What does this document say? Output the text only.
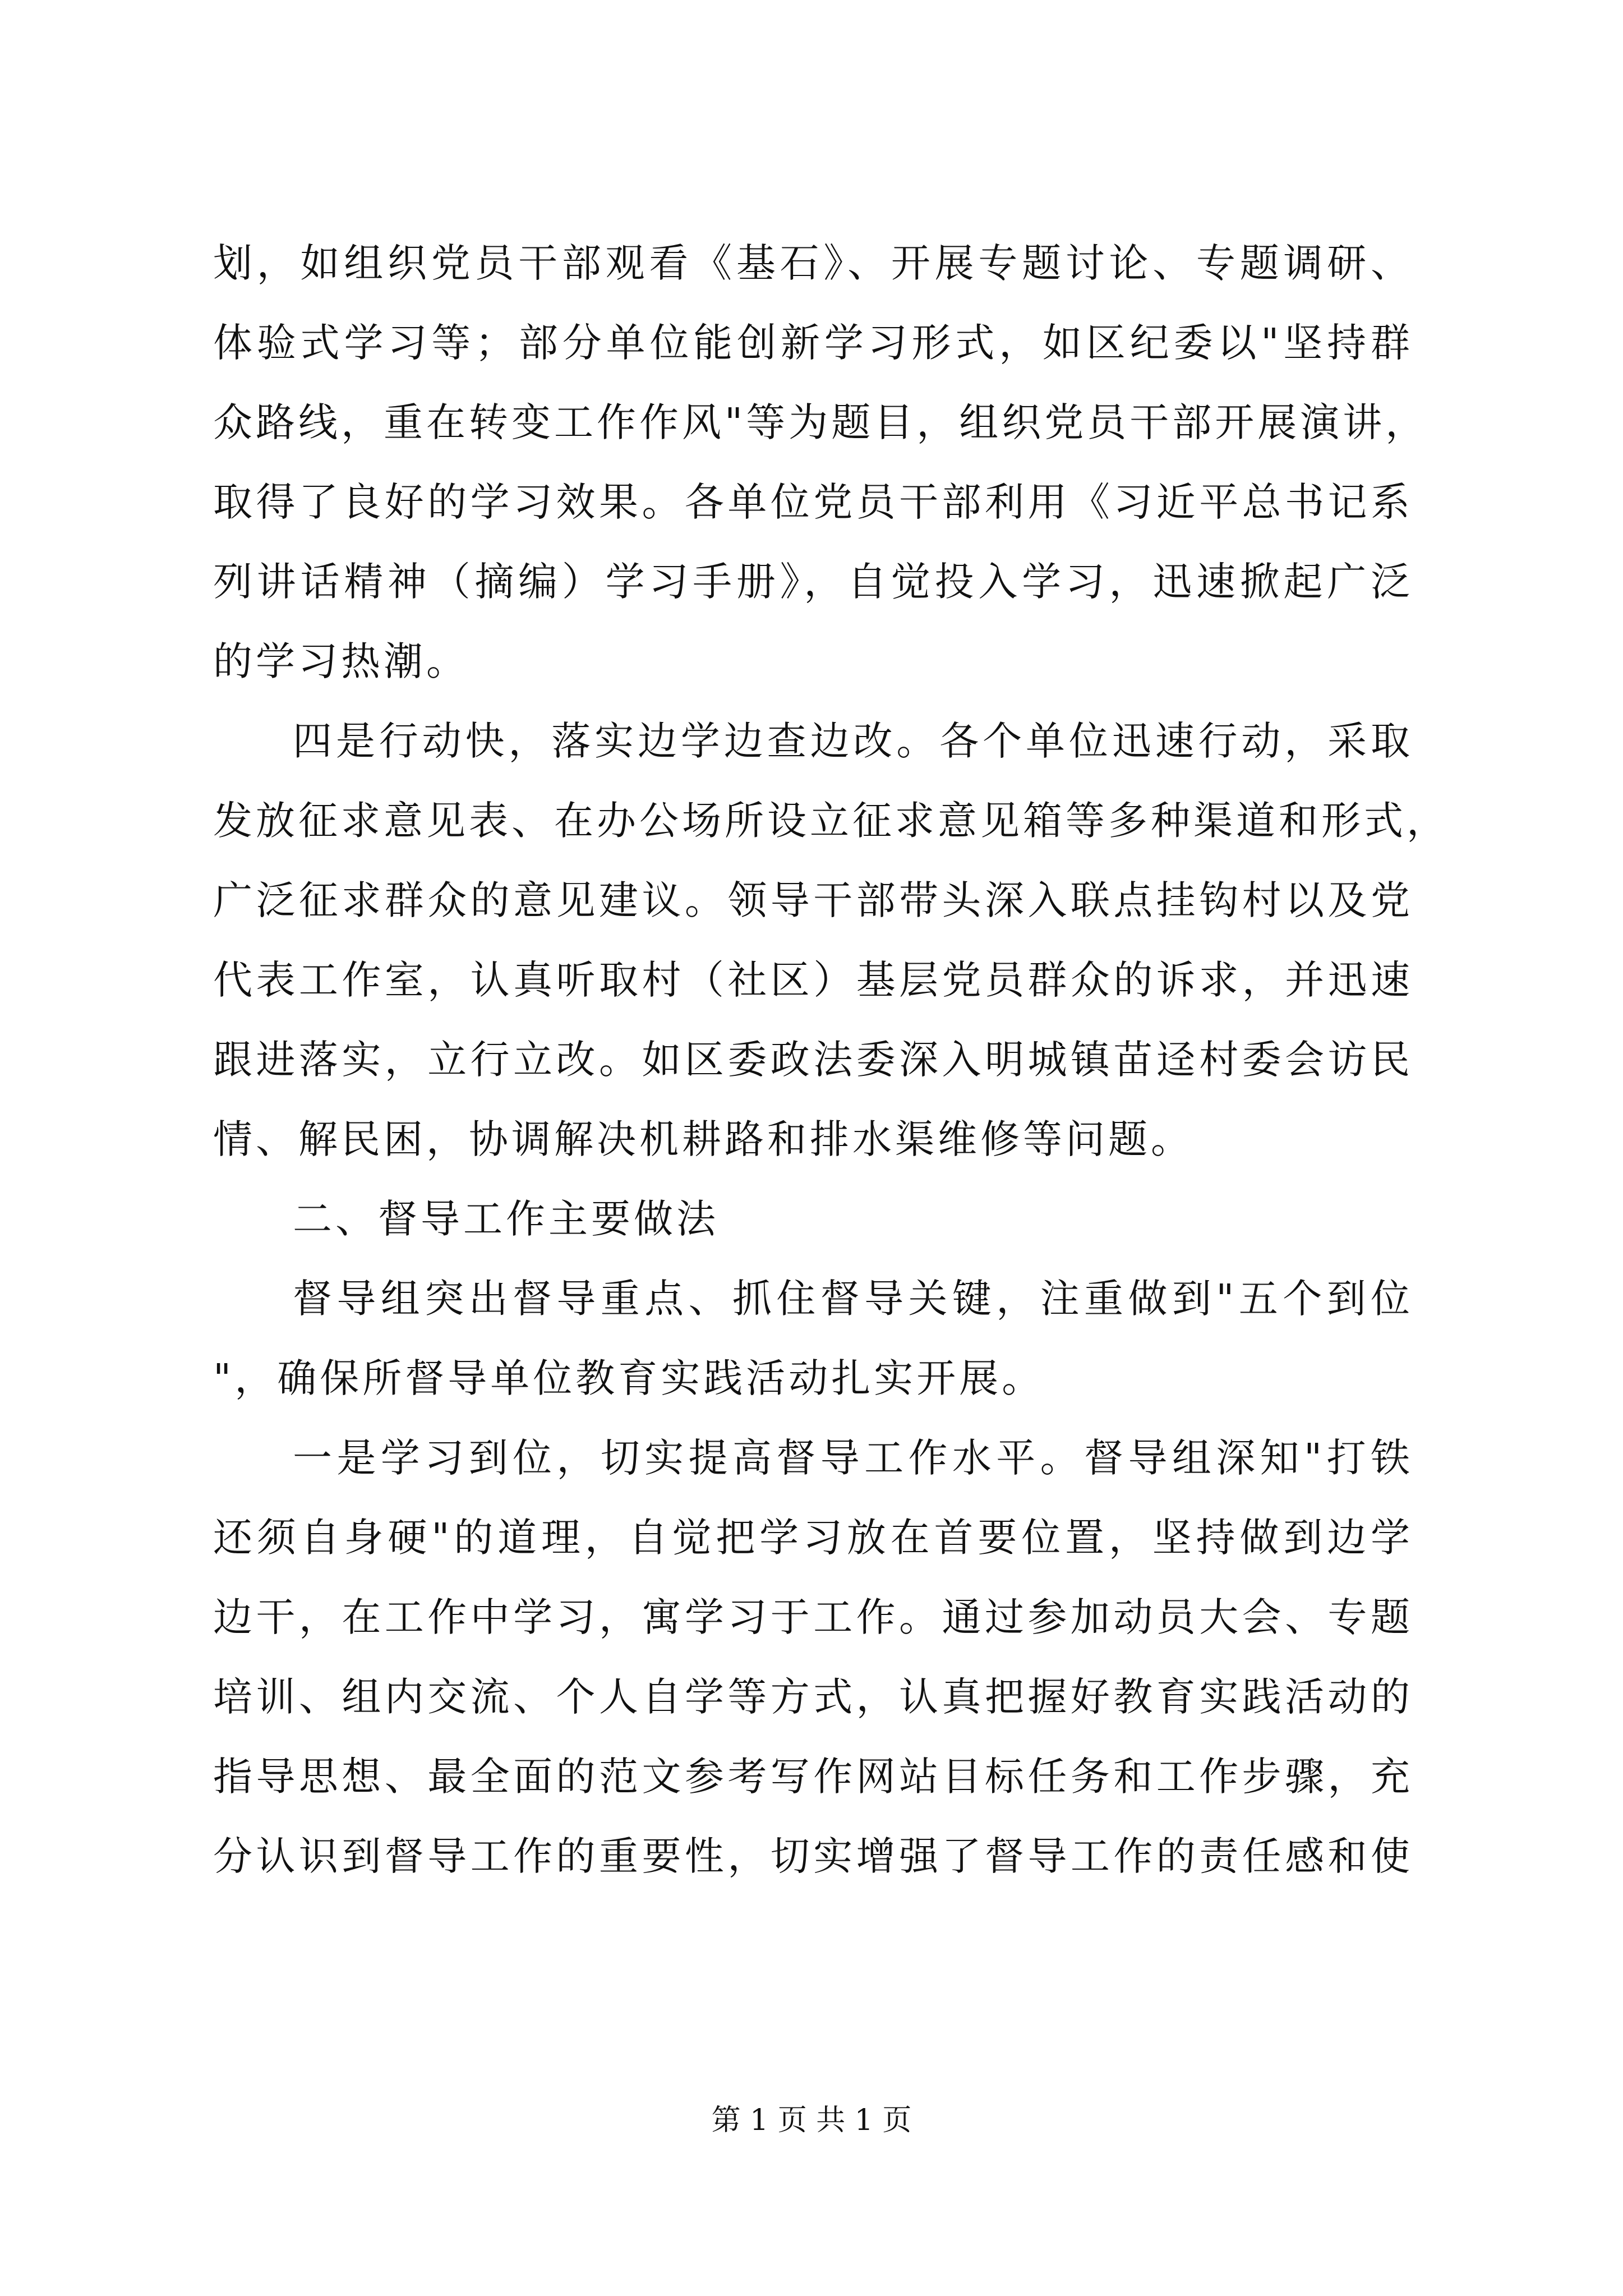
划，如组织党员干部观看《基石》、开展专题讨论、专题调研、
体验式学习等；部分单位能创新学习形式，如区纪委以"坚持群
众路线，重在转变工作作风"等为题目，组织党员干部开展演讲，
取得了良好的学习效果。各单位党员干部利用《习近平总书记系
列讲话精神（摘编）学习手册》，自觉投入学习，迅速掀起广泛
的学习热潮。
四是行动快，落实边学边查边改。各个单位迅速行动，采取
发放征求意见表、在办公场所设立征求意见箱等多种渠道和形式，
广泛征求群众的意见建议。领导干部带头深入联点挂钩村以及党
代表工作室，认真听取村（社区）基层党员群众的诉求，并迅速
跟进落实，立行立改。如区委政法委深入明城镇苗迳村委会访民
情、解民困，协调解决机耕路和排水渠维修等问题。
二、督导工作主要做法
督导组突出督导重点、抓住督导关键，注重做到"五个到位
"，确保所督导单位教育实践活动扎实开展。
一是学习到位，切实提高督导工作水平。督导组深知"打铁
还须自身硬"的道理，自觉把学习放在首要位置，坚持做到边学
边干，在工作中学习，寓学习于工作。通过参加动员大会、专题
培训、组内交流、个人自学等方式，认真把握好教育实践活动的
指导思想、最全面的范文参考写作网站目标任务和工作步骤，充
分认识到督导工作的重要性，切实增强了督导工作的责任感和使
第 1 页 共 1 页
